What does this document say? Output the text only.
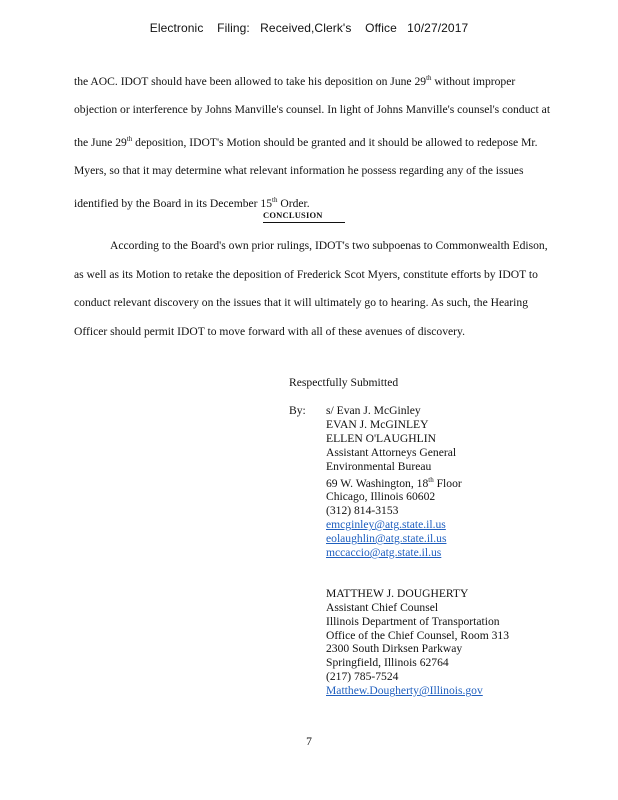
Electronic    Filing:   Received,Clerk's    Office   10/27/2017
the AOC. IDOT should have been allowed to take his deposition on June 29th without improper objection or interference by Johns Manville's counsel. In light of Johns Manville's counsel's conduct at the June 29th deposition, IDOT's Motion should be granted and it should be allowed to redepose Mr. Myers, so that it may determine what relevant information he possess regarding any of the issues identified by the Board in its December 15th Order.
CONCLUSION
According to the Board's own prior rulings, IDOT's two subpoenas to Commonwealth Edison, as well as its Motion to retake the deposition of Frederick Scot Myers, constitute efforts by IDOT to conduct relevant discovery on the issues that it will ultimately go to hearing. As such, the Hearing Officer should permit IDOT to move forward with all of these avenues of discovery.
Respectfully Submitted
By: s/ Evan J. McGinley
EVAN J. McGINLEY
ELLEN O'LAUGHLIN
Assistant Attorneys General
Environmental Bureau
69 W. Washington, 18th Floor
Chicago, Illinois 60602
(312) 814-3153
emcginley@atg.state.il.us
eolaughlin@atg.state.il.us
mccaccio@atg.state.il.us
MATTHEW J. DOUGHERTY
Assistant Chief Counsel
Illinois Department of Transportation
Office of the Chief Counsel, Room 313
2300 South Dirksen Parkway
Springfield, Illinois 62764
(217) 785-7524
Matthew.Dougherty@Illinois.gov
7
